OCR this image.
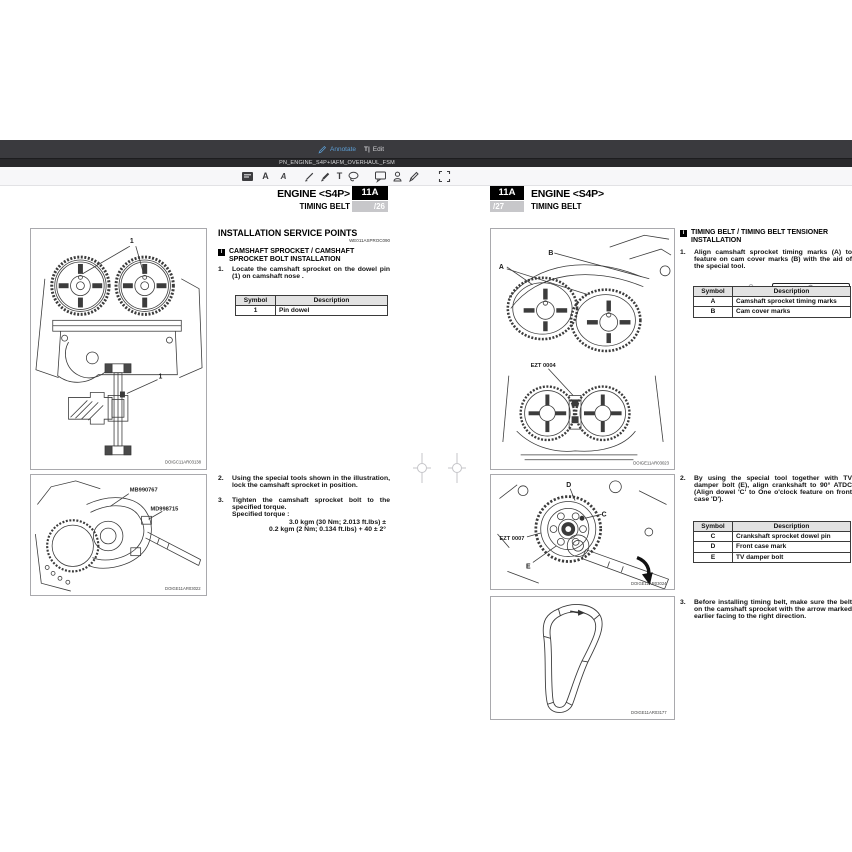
Annotate T| Edit
PN_ENGINE_S4P+IAFM_OVERHAUL_FSM
A A	T
ENGINE <S4P>	11A
TIMING BELT	/26
11A	ENGINE <S4P>
/27	TIMING BELT
INSTALLATION SERVICE POINTS
WE011ASPROC090
i CAMSHAFT SPROCKET / CAMSHAFT SPROCKET BOLT INSTALLATION
1. Locate the camshaft sprocket on the dowel pin (1) on camshaft nose .
Symbol	Description
1	Pin dowel
2. Using the special tools shown in the illustration, lock the camshaft sprocket in position.
3. Tighten the camshaft sprocket bolt to the specified torque.
Specified torque :
3.0 kgm (30 Nm; 2.013 ft.lbs) ±
0.2 kgm (2 Nm; 0.134 ft.lbs) + 40 ± 2°
i TIMING BELT / TIMING BELT TENSIONER INSTALLATION
1. Align camshaft sprocket timing marks (A) to feature on cam cover marks (B) with the aid of the special tool.
Symbol	Description
A	Camshaft sprocket timing marks
B	Cam cover marks
2. By using the special tool together with TV damper bolt (E), align crankshaft to 90° ATDC (Align dowel 'C' to One o'clock feature on front case 'D').
Symbol	Description
C	Crankshaft sprocket dowel pin
D	Front case mark
E	TV damper bolt
3. Before installing timing belt, make sure the belt on the camshaft sprocket with the arrow marked earlier facing to the right direction.
1
1
DOIGC11AR03138
MB990767
MD998715
DOIGE11AR03022
A
B
EZT 0004
DOIGE11AR03023
D
C
E
EZT 0007
DOIGE11AR03024
DOIGE11AR03177
